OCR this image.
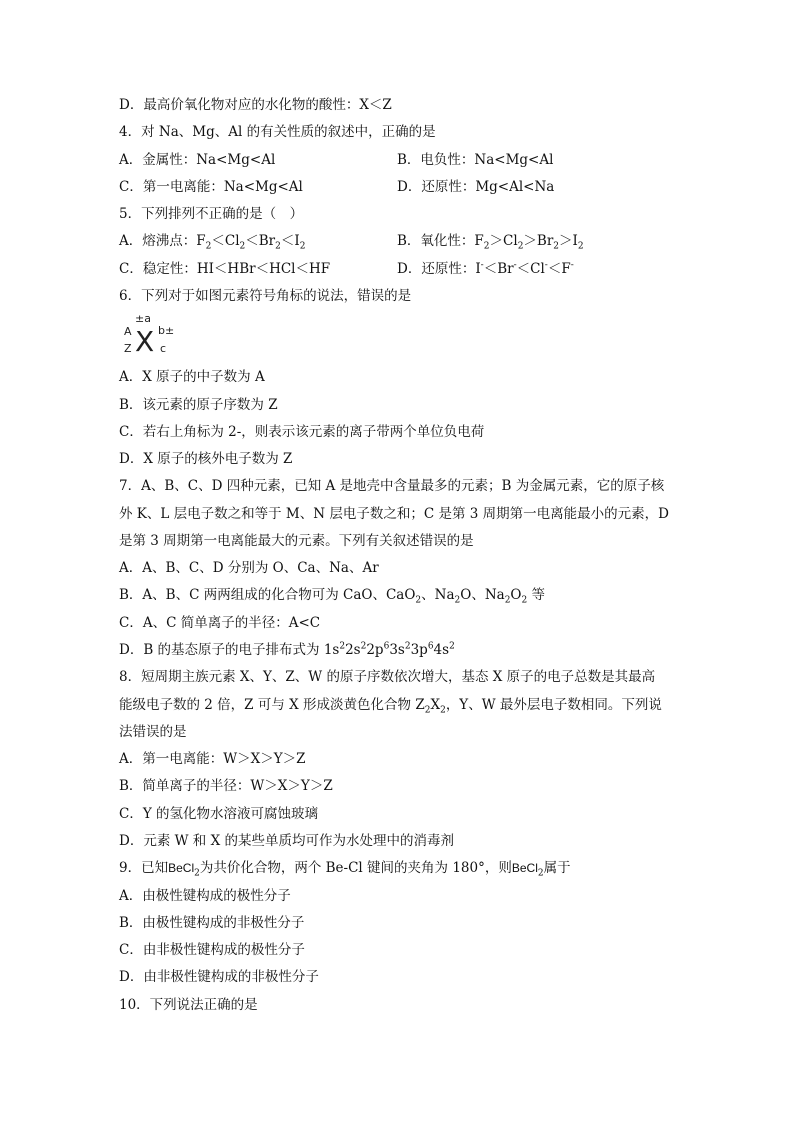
D．最高价氧化物对应的水化物的酸性：X＜Z
4．对 Na、Mg、Al 的有关性质的叙述中，正确的是
A．金属性：Na<Mg<Al	B．电负性：Na<Mg<Al
C．第一电离能：Na<Mg<Al	D．还原性：Mg<Al<Na
5．下列排列不正确的是（　）
A．熔沸点：$F_2<Cl_2<Br_2<I_2$	B．氧化性：$F_2>Cl_2>Br_2>I_2$
C．稳定性：HI＜HBr＜HCl＜HF	D．还原性：I-＜Br-＜Cl-＜F-
6．下列对于如图元素符号角标的说法，错误的是
±a
A
Z X b±
c
A．X 原子的中子数为 A
B．该元素的原子序数为 Z
C．若右上角标为 2-，则表示该元素的离子带两个单位负电荷
D．X 原子的核外电子数为 Z
7．A、B、C、D 四种元素，已知 A 是地壳中含量最多的元素；B 为金属元素，它的原子核
外 K、L 层电子数之和等于 M、N 层电子数之和；C 是第 3 周期第一电离能最小的元素，D
是第 3 周期第一电离能最大的元素。下列有关叙述错误的是
A．A、B、C、D 分别为 O、Ca、Na、Ar
B．A、B、C 两两组成的化合物可为 CaO、CaO$_2$、$Na_2O$、$Na_2O_2$ 等
C．A、C 简单离子的半径：A<C
D．B 的基态原子的电子排布式为 $1s^22s^22p^63s^23p^64s^2$
8．短周期主族元素 X、Y、Z、W 的原子序数依次增大，基态 X 原子的电子总数是其最高
能级电子数的 2 倍，Z 可与 X 形成淡黄色化合物 $Z_2X_2$，Y、W 最外层电子数相同。下列说
法错误的是
A．第一电离能：W＞X＞Y＞Z
B．简单离子的半径：W＞X＞Y＞Z
C．Y 的氢化物水溶液可腐蚀玻璃
D．元素 W 和 X 的某些单质均可作为水处理中的消毒剂
9．已知BeCl$_2$为共价化合物，两个 Be-Cl 键间的夹角为 180°，则BeCl$_2$属于
A．由极性键构成的极性分子
B．由极性键构成的非极性分子
C．由非极性键构成的极性分子
D．由非极性键构成的非极性分子
10．下列说法正确的是
